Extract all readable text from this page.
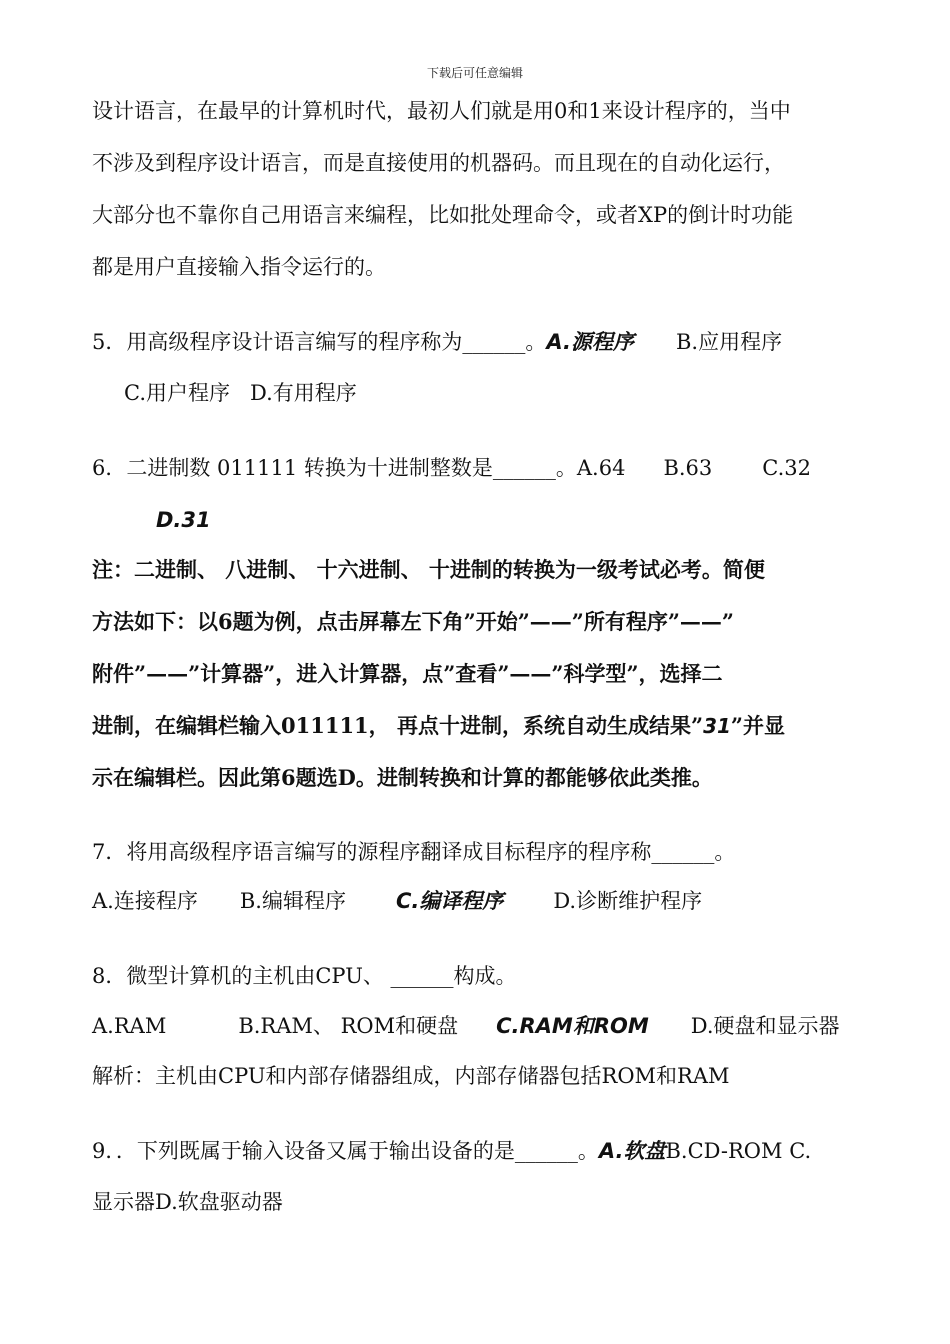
下载后可任意编辑
设计语言，在最早的计算机时代，最初人们就是用0和1来设计程序的，当中
不涉及到程序设计语言，而是直接使用的机器码。而且现在的自动化运行，
大部分也不靠你自己用语言来编程，比如批处理命令，或者XP的倒计时功能
都是用户直接输入指令运行的。
5．用高级程序设计语言编写的程序称为______。A.源程序 B.应用程序
C.用户程序 D.有用程序
6．二进制数 011111 转换为十进制整数是______。A.64 B.63 C.32
D.31
注：二进制、 八进制、 十六进制、 十进制的转换为一级考试必考。简便
方法如下：以6题为例，点击屏幕左下角”开始”——”所有程序”——”
附件”——”计算器”，进入计算器，点”查看”——”科学型”，选择二
进制，在编辑栏输入011111， 再点十进制，系统自动生成结果”31”并显
示在编辑栏。因此第6题选D。进制转换和计算的都能够依此类推。
7．将用高级程序语言编写的源程序翻译成目标程序的程序称______。
A.连接程序 B.编辑程序 C.编译程序 D.诊断维护程序
8．微型计算机的主机由CPU、 ______构成。
A.RAM	B.RAM、 ROM和硬盘 C.RAM和ROM D.硬盘和显示器
解析：主机由CPU和内部存储器组成，内部存储器包括ROM和RAM
9．．下列既属于输入设备又属于输出设备的是______。A.软盘B.CD-ROM C.
显示器D.软盘驱动器
